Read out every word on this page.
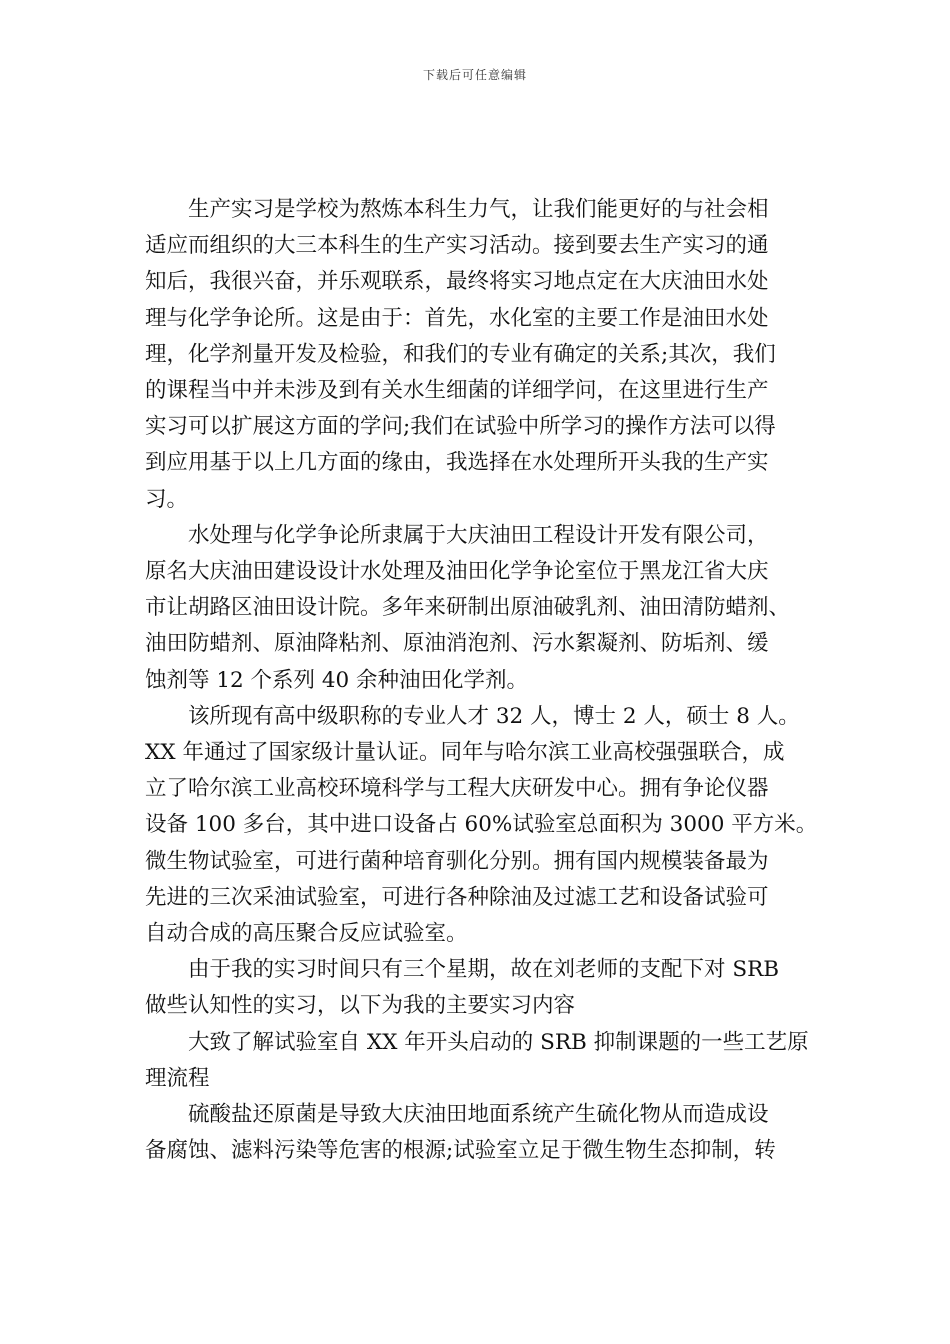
下载后可任意编辑

生产实习是学校为熬炼本科生力气，让我们能更好的与社会相
适应而组织的大三本科生的生产实习活动。接到要去生产实习的通
知后，我很兴奋，并乐观联系，最终将实习地点定在大庆油田水处
理与化学争论所。这是由于：首先，水化室的主要工作是油田水处
理，化学剂量开发及检验，和我们的专业有确定的关系;其次，我们
的课程当中并未涉及到有关水生细菌的详细学问，在这里进行生产
实习可以扩展这方面的学问;我们在试验中所学习的操作方法可以得
到应用基于以上几方面的缘由，我选择在水处理所开头我的生产实
习。

水处理与化学争论所隶属于大庆油田工程设计开发有限公司，
原名大庆油田建设设计水处理及油田化学争论室位于黑龙江省大庆
市让胡路区油田设计院。多年来研制出原油破乳剂、油田清防蜡剂、
油田防蜡剂、原油降粘剂、原油消泡剂、污水絮凝剂、防垢剂、缓
蚀剂等 12 个系列 40 余种油田化学剂。

该所现有高中级职称的专业人才 32 人，博士 2 人，硕士 8 人。
XX 年通过了国家级计量认证。同年与哈尔滨工业高校强强联合，成
立了哈尔滨工业高校环境科学与工程大庆研发中心。拥有争论仪器
设备 100 多台，其中进口设备占 60%试验室总面积为 3000 平方米。
微生物试验室，可进行菌种培育驯化分别。拥有国内规模装备最为
先进的三次采油试验室，可进行各种除油及过滤工艺和设备试验可
自动合成的高压聚合反应试验室。

由于我的实习时间只有三个星期，故在刘老师的支配下对 SRB
做些认知性的实习，以下为我的主要实习内容

大致了解试验室自 XX 年开头启动的 SRB 抑制课题的一些工艺原
理流程

硫酸盐还原菌是导致大庆油田地面系统产生硫化物从而造成设
备腐蚀、滤料污染等危害的根源;试验室立足于微生物生态抑制，转
